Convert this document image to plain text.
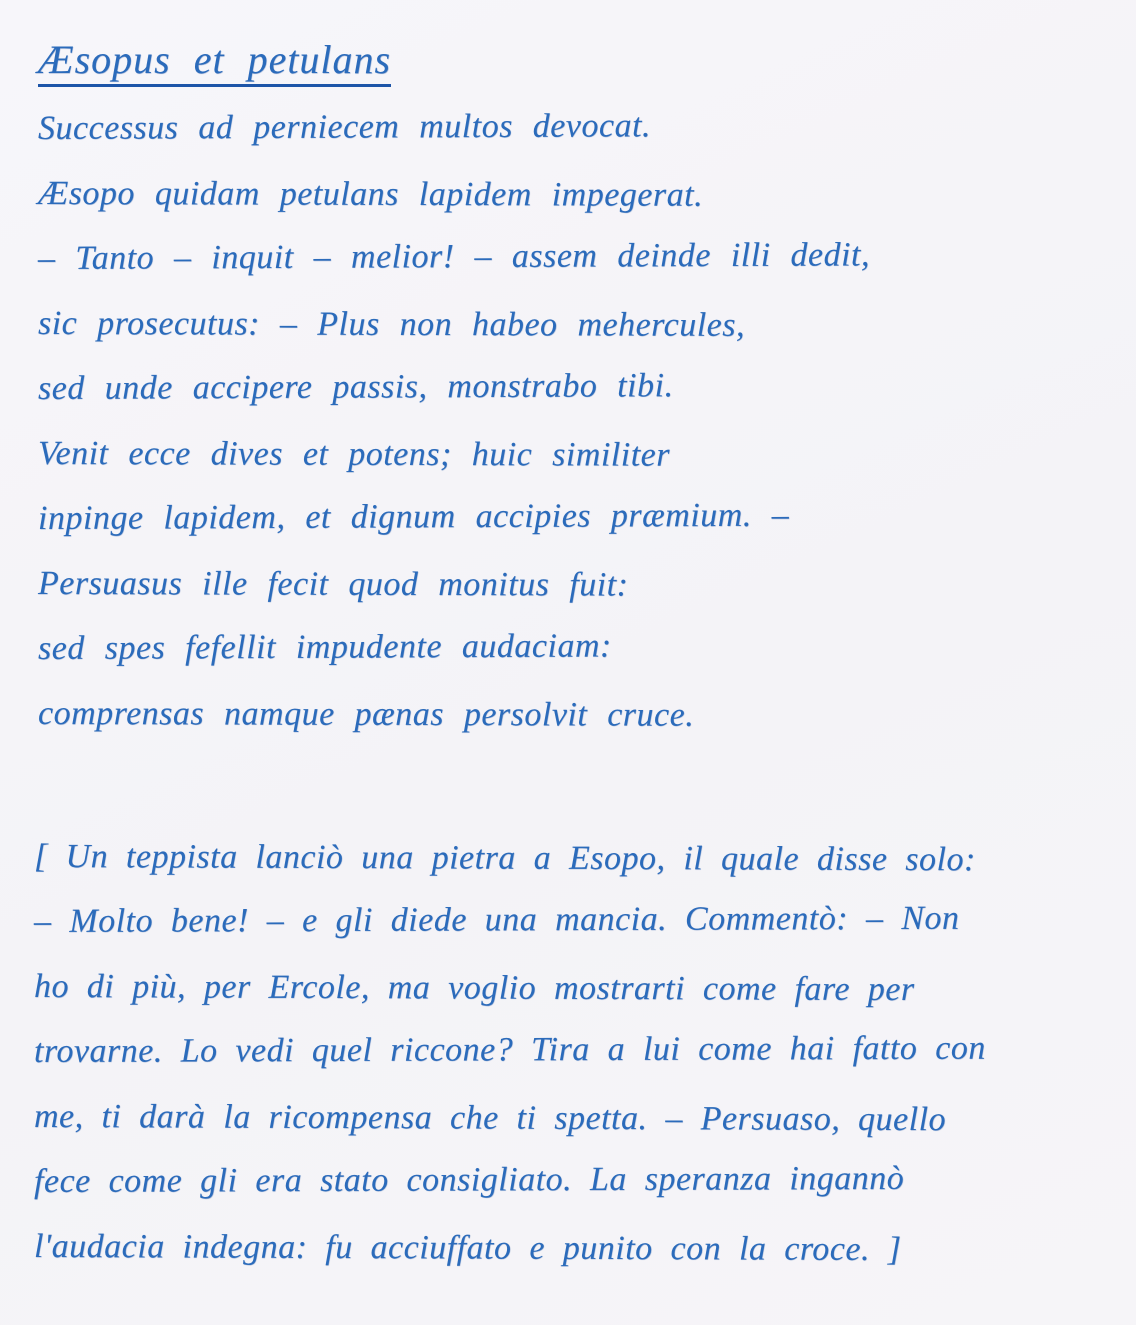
Æsopus et petulans
Successus ad perniecem multos devocat.
Æsopo quidam petulans lapidem impegerat.
– Tanto – inquit – melior! – assem deinde illi dedit,
sic prosecutus: – Plus non habeo mehercules,
sed unde accipere passis, monstrabo tibi.
Venit ecce dives et potens; huic similiter
inpinge lapidem, et dignum accipies præmium. –
Persuasus ille fecit quod monitus fuit:
sed spes fefellit impudente audaciam:
comprensas namque pænas persolvit cruce.
[ Un teppista lanciò una pietra a Esopo, il quale disse solo:
– Molto bene! – e gli diede una mancia. Commentò: – Non
ho di più, per Ercole, ma voglio mostrarti come fare per
trovarne. Lo vedi quel riccone? Tira a lui come hai fatto con
me, ti darà la ricompensa che ti spetta. – Persuaso, quello
fece come gli era stato consigliato. La speranza ingannò
l'audacia indegna: fu acciuffato e punito con la croce. ]
